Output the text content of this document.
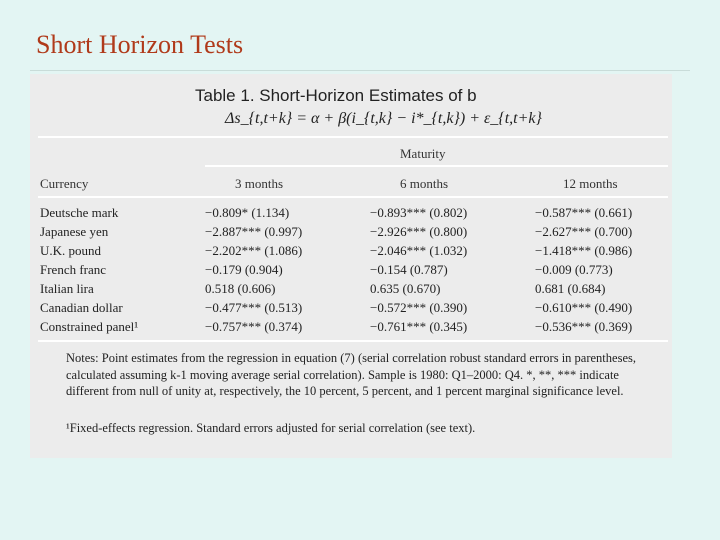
Short Horizon Tests
Table 1. Short-Horizon Estimates of b
Δs_{t,t+k} = α + β(i_{t,k} − i*_{t,k}) + ε_{t,t+k}
Maturity
Currency	3 months	6 months	12 months
Deutsche mark	−0.809* (1.134)	−0.893*** (0.802)	−0.587*** (0.661)
Japanese yen	−2.887*** (0.997)	−2.926*** (0.800)	−2.627*** (0.700)
U.K. pound	−2.202*** (1.086)	−2.046*** (1.032)	−1.418*** (0.986)
French franc	−0.179 (0.904)	−0.154 (0.787)	−0.009 (0.773)
Italian lira	0.518 (0.606)	0.635 (0.670)	0.681 (0.684)
Canadian dollar	−0.477*** (0.513)	−0.572*** (0.390)	−0.610*** (0.490)
Constrained panel¹	−0.757*** (0.374)	−0.761*** (0.345)	−0.536*** (0.369)
Notes: Point estimates from the regression in equation (7) (serial correlation robust standard errors in parentheses, calculated assuming k-1 moving average serial correlation). Sample is 1980: Q1–2000: Q4. *, **, *** indicate different from null of unity at, respectively, the 10 percent, 5 percent, and 1 percent marginal significance level.
¹Fixed-effects regression. Standard errors adjusted for serial correlation (see text).
